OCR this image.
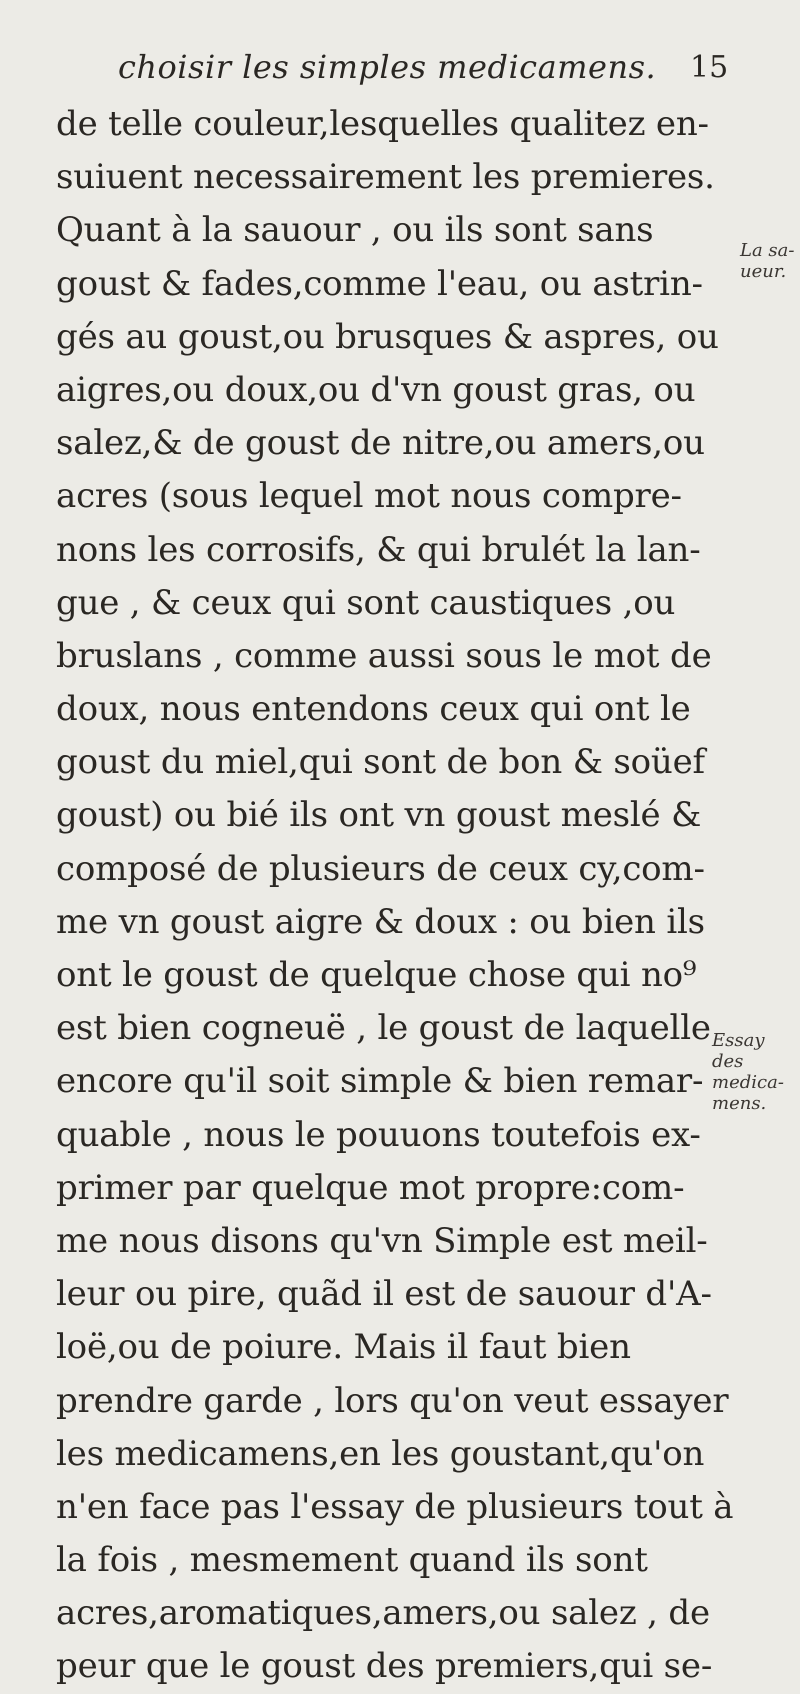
choisir les simples medicamens. 15
de telle couleur,lesquelles qualitez en-
suiuent necessairement les premieres.
Quant à la sauour , ou ils sont sans
goust & fades,comme l'eau, ou astrin-
gés au goust,ou brusques & aspres, ou
aigres,ou doux,ou d'vn goust gras, ou
salez,& de goust de nitre,ou amers,ou
acres (sous lequel mot nous compre-
nons les corrosifs, & qui brulét la lan-
gue , & ceux qui sont caustiques ,ou
bruslans , comme aussi sous le mot de
doux, nous entendons ceux qui ont le
goust du miel,qui sont de bon & soüef
goust) ou bié ils ont vn goust meslé &
composé de plusieurs de ceux cy,com-
me vn goust aigre & doux : ou bien ils
ont le goust de quelque chose qui no⁹
est bien cogneuë , le goust de laquelle
encore qu'il soit simple & bien remar-
quable , nous le pouuons toutefois ex-
primer par quelque mot propre:com-
me nous disons qu'vn Simple est meil-
leur ou pire, quãd il est de sauour d'A-
loë,ou de poiure. Mais il faut bien
prendre garde , lors qu'on veut essayer
les medicamens,en les goustant,qu'on
n'en face pas l'essay de plusieurs tout à
la fois , mesmement quand ils sont
acres,aromatiques,amers,ou salez , de
peur que le goust des premiers,qui se-
La sa-
ueur.
Essay des
medica-
mens.
